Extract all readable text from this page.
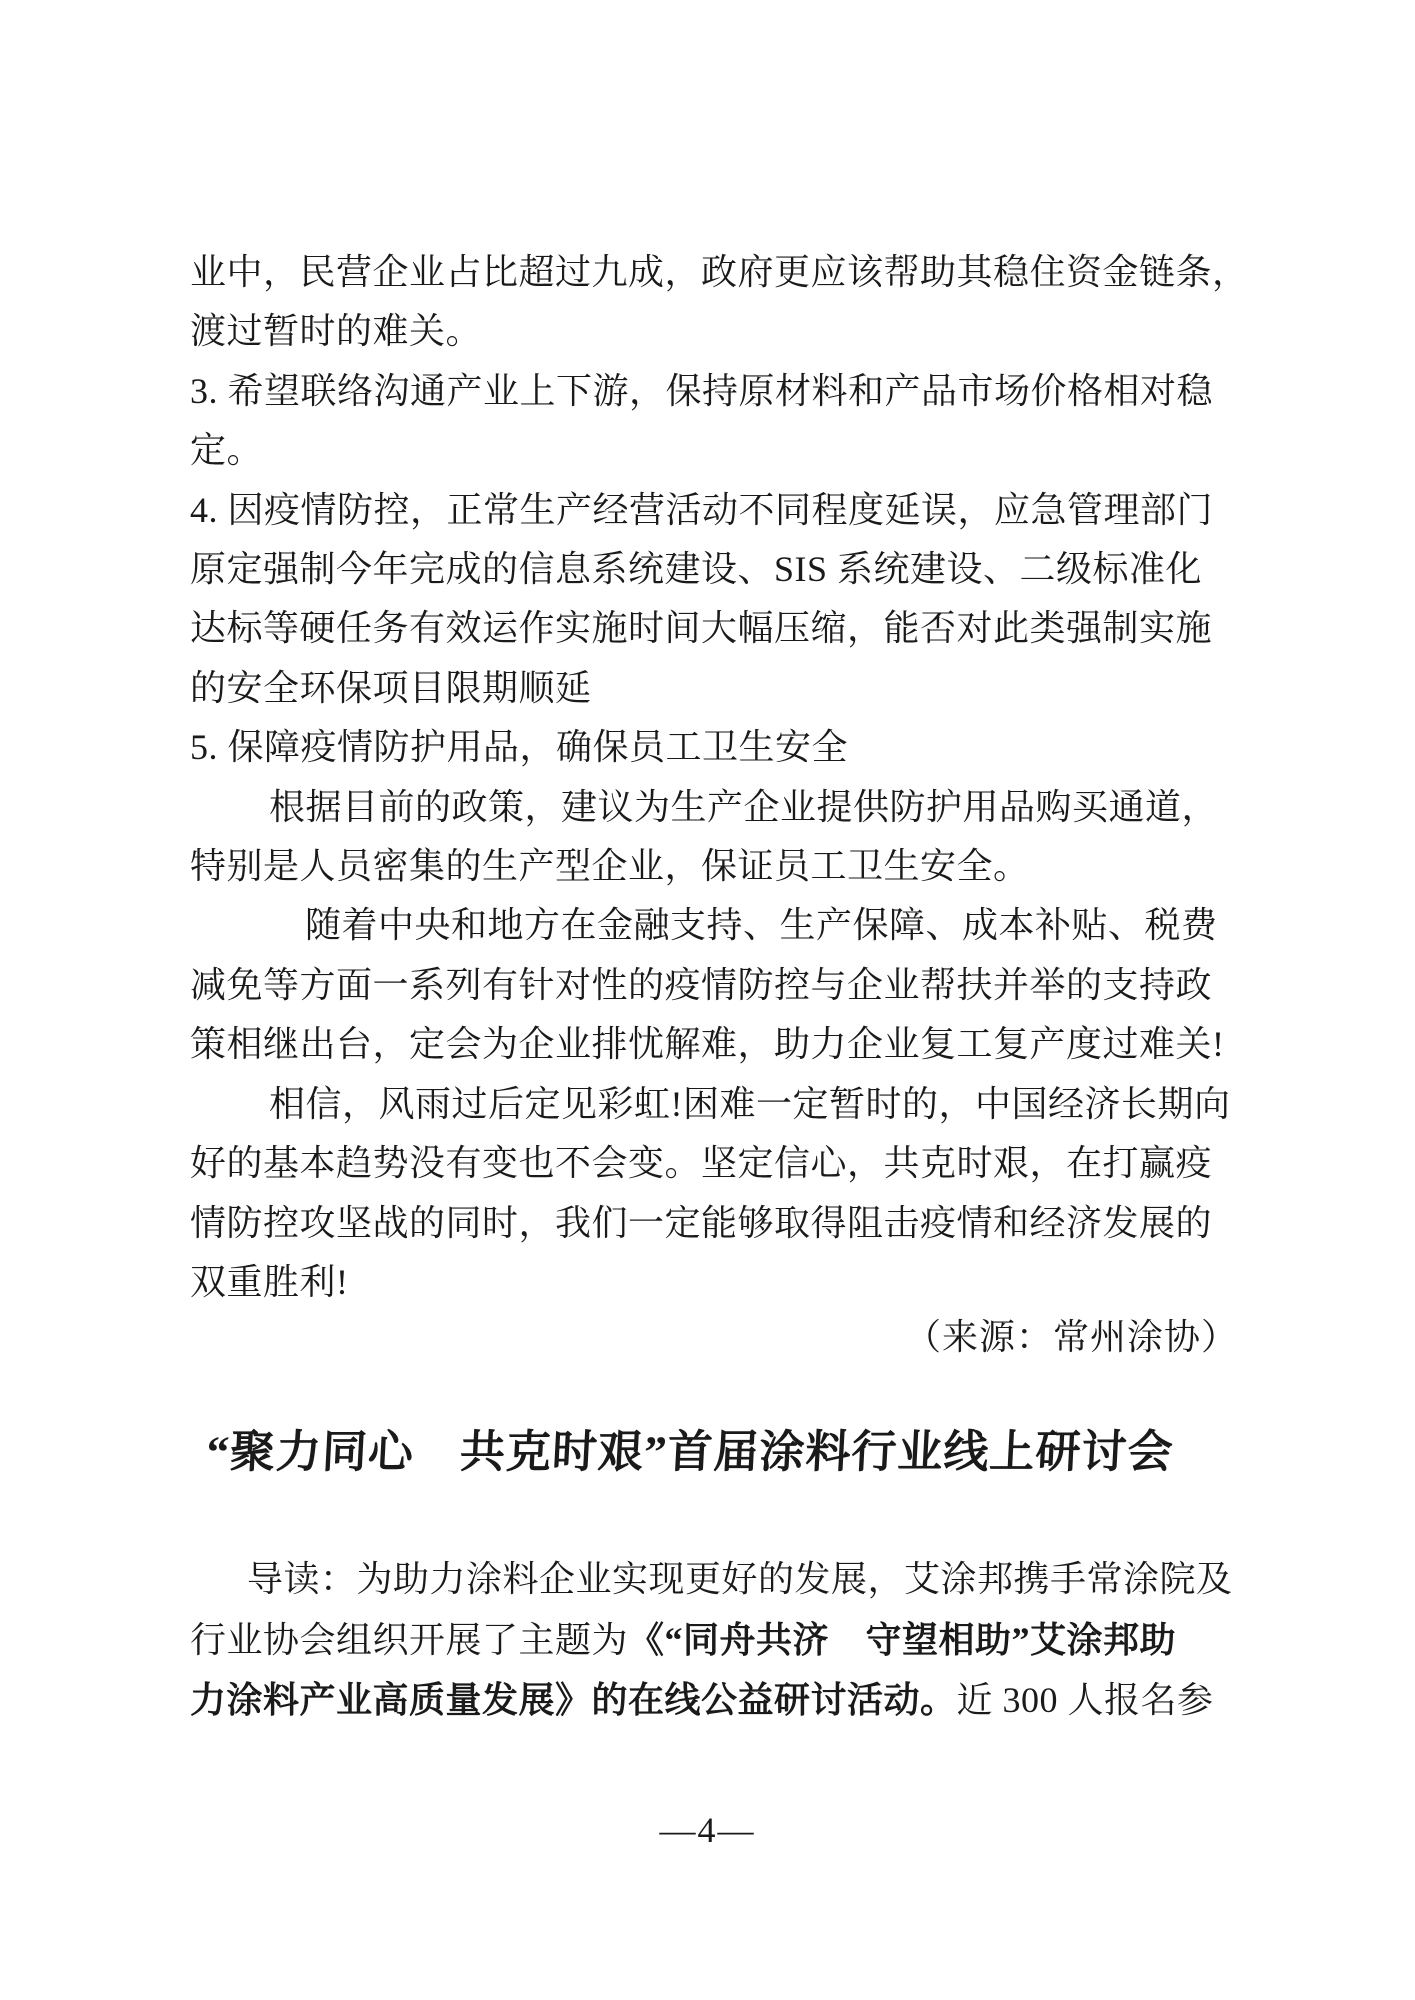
业中，民营企业占比超过九成，政府更应该帮助其稳住资金链条，

渡过暂时的难关。

3. 希望联络沟通产业上下游，保持原材料和产品市场价格相对稳

定。

4. 因疫情防控，正常生产经营活动不同程度延误，应急管理部门

原定强制今年完成的信息系统建设、SIS 系统建设、二级标准化

达标等硬任务有效运作实施时间大幅压缩，能否对此类强制实施

的安全环保项目限期顺延

5. 保障疫情防护用品，确保员工卫生安全

根据目前的政策，建议为生产企业提供防护用品购买通道，

特别是人员密集的生产型企业，保证员工卫生安全。

随着中央和地方在金融支持、生产保障、成本补贴、税费

减免等方面一系列有针对性的疫情防控与企业帮扶并举的支持政

策相继出台，定会为企业排忧解难，助力企业复工复产度过难关!

相信，风雨过后定见彩虹!困难一定暂时的，中国经济长期向

好的基本趋势没有变也不会变。坚定信心，共克时艰，在打赢疫

情防控攻坚战的同时，我们一定能够取得阻击疫情和经济发展的

双重胜利!

（来源：常州涂协）

“聚力同心　共克时艰”首届涂料行业线上研讨会

导读：为助力涂料企业实现更好的发展，艾涂邦携手常涂院及

行业协会组织开展了主题为《“同舟共济　守望相助”艾涂邦助

力涂料产业高质量发展》的在线公益研讨活动。近 300 人报名参

—4—
